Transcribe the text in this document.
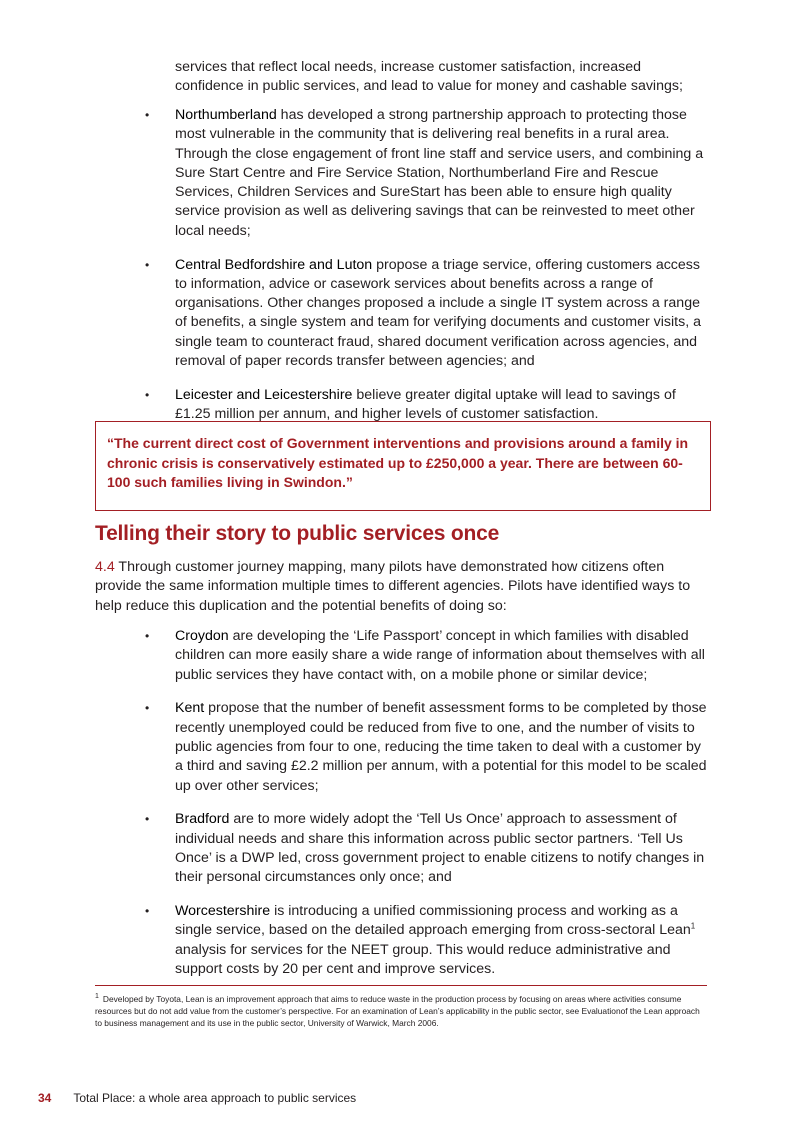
services that reflect local needs, increase customer satisfaction, increased confidence in public services, and lead to value for money and cashable savings;

• Northumberland has developed a strong partnership approach to protecting those most vulnerable in the community that is delivering real benefits in a rural area. Through the close engagement of front line staff and service users, and combining a Sure Start Centre and Fire Service Station, Northumberland Fire and Rescue Services, Children Services and SureStart has been able to ensure high quality service provision as well as delivering savings that can be reinvested to meet other local needs;
• Central Bedfordshire and Luton propose a triage service, offering customers access to information, advice or casework services about benefits across a range of organisations. Other changes proposed a include a single IT system across a range of benefits, a single system and team for verifying documents and customer visits, a single team to counteract fraud, shared document verification across agencies, and removal of paper records transfer between agencies; and
• Leicester and Leicestershire believe greater digital uptake will lead to savings of £1.25 million per annum, and higher levels of customer satisfaction.
“The current direct cost of Government interventions and provisions around a family in chronic crisis is conservatively estimated up to £250,000 a year. There are between 60-100 such families living in Swindon.”
Telling their story to public services once

4.4 Through customer journey mapping, many pilots have demonstrated how citizens often provide the same information multiple times to different agencies. Pilots have identified ways to help reduce this duplication and the potential benefits of doing so:

• Croydon are developing the ‘Life Passport’ concept in which families with disabled children can more easily share a wide range of information about themselves with all public services they have contact with, on a mobile phone or similar device;
• Kent propose that the number of benefit assessment forms to be completed by those recently unemployed could be reduced from five to one, and the number of visits to public agencies from four to one, reducing the time taken to deal with a customer by a third and saving £2.2 million per annum, with a potential for this model to be scaled up over other services;
• Bradford are to more widely adopt the ‘Tell Us Once’ approach to assessment of individual needs and share this information across public sector partners. ‘Tell Us Once’ is a DWP led, cross government project to enable citizens to notify changes in their personal circumstances only once; and
• Worcestershire is introducing a unified commissioning process and working as a single service, based on the detailed approach emerging from cross-sectoral Lean$^1$ analysis for services for the NEET group. This would reduce administrative and support costs by 20 per cent and improve services.
$^1$ Developed by Toyota, Lean is an improvement approach that aims to reduce waste in the production process by focusing on areas where activities consume resources but do not add value from the customer’s perspective. For an examination of Lean’s applicability in the public sector, see Evaluationof the Lean approach to business management and its use in the public sector, University of Warwick, March 2006.
34 Total Place: a whole area approach to public services
